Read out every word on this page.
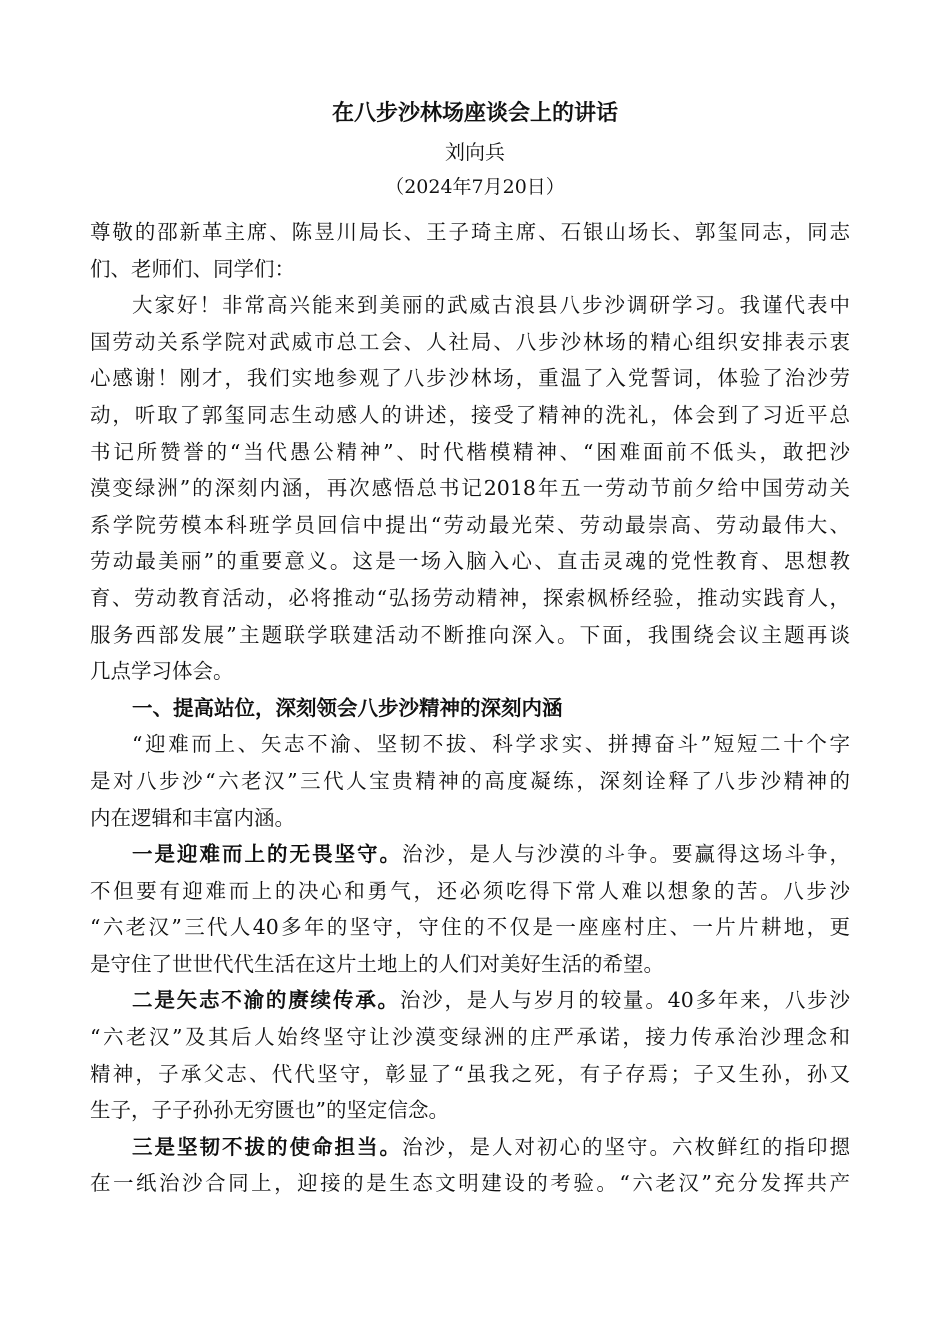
在八步沙林场座谈会上的讲话
刘向兵
（2024年7月20日）
尊敬的邵新革主席、陈昱川局长、王子琦主席、石银山场长、郭玺同志，同志
们、老师们、同学们：
大家好！非常高兴能来到美丽的武威古浪县八步沙调研学习。我谨代表中
国劳动关系学院对武威市总工会、人社局、八步沙林场的精心组织安排表示衷
心感谢！刚才，我们实地参观了八步沙林场，重温了入党誓词，体验了治沙劳
动，听取了郭玺同志生动感人的讲述，接受了精神的洗礼，体会到了习近平总
书记所赞誉的“当代愚公精神”、时代楷模精神、“困难面前不低头，敢把沙
漠变绿洲”的深刻内涵，再次感悟总书记2018年五一劳动节前夕给中国劳动关
系学院劳模本科班学员回信中提出“劳动最光荣、劳动最崇高、劳动最伟大、
劳动最美丽”的重要意义。这是一场入脑入心、直击灵魂的党性教育、思想教
育、劳动教育活动，必将推动“弘扬劳动精神，探索枫桥经验，推动实践育人，
服务西部发展”主题联学联建活动不断推向深入。下面，我围绕会议主题再谈
几点学习体会。
一、提高站位，深刻领会八步沙精神的深刻内涵
“迎难而上、矢志不渝、坚韧不拔、科学求实、拼搏奋斗”短短二十个字
是对八步沙“六老汉”三代人宝贵精神的高度凝练，深刻诠释了八步沙精神的
内在逻辑和丰富内涵。
一是迎难而上的无畏坚守。治沙，是人与沙漠的斗争。要赢得这场斗争，
不但要有迎难而上的决心和勇气，还必须吃得下常人难以想象的苦。八步沙
“六老汉”三代人40多年的坚守，守住的不仅是一座座村庄、一片片耕地，更
是守住了世世代代生活在这片土地上的人们对美好生活的希望。
二是矢志不渝的赓续传承。治沙，是人与岁月的较量。40多年来，八步沙
“六老汉”及其后人始终坚守让沙漠变绿洲的庄严承诺，接力传承治沙理念和
精神，子承父志、代代坚守，彰显了“虽我之死，有子存焉；子又生孙，孙又
生子，子子孙孙无穷匮也”的坚定信念。
三是坚韧不拔的使命担当。治沙，是人对初心的坚守。六枚鲜红的指印摁
在一纸治沙合同上，迎接的是生态文明建设的考验。“六老汉”充分发挥共产
